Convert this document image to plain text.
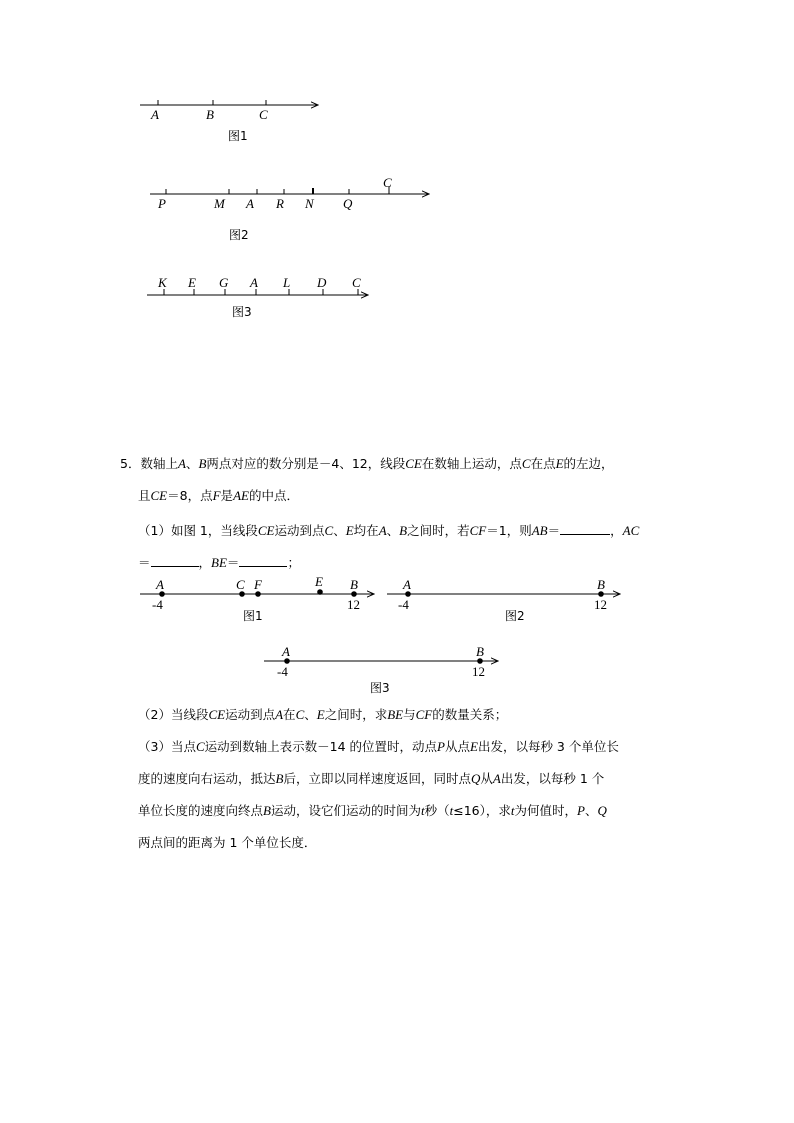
A	B	C
图1
P	M A R N Q
C
图2
K E G A L D C
图3
A	C F	E B
-4	12
图1
A	B
-4	12
图2
A	B
-4	12
图3
5．数轴上A、B两点对应的数分别是－4、12，线段CE在数轴上运动，点C在点E的左边，
且CE＝8，点F是AE的中点．
（1）如图 1，当线段CE运动到点C、E均在A、B之间时，若CF＝1，则AB＝	，AC
＝	，BE＝	；
（2）当线段CE运动到点A在C、E之间时，求BE与CF的数量关系；
（3）当点C运动到数轴上表示数－14 的位置时，动点P从点E出发，以每秒 3 个单位长
度的速度向右运动，抵达B后，立即以同样速度返回，同时点Q从A出发，以每秒 1 个
单位长度的速度向终点B运动，设它们运动的时间为t秒（t≤16），求t为何值时，P、Q
两点间的距离为 1 个单位长度．
